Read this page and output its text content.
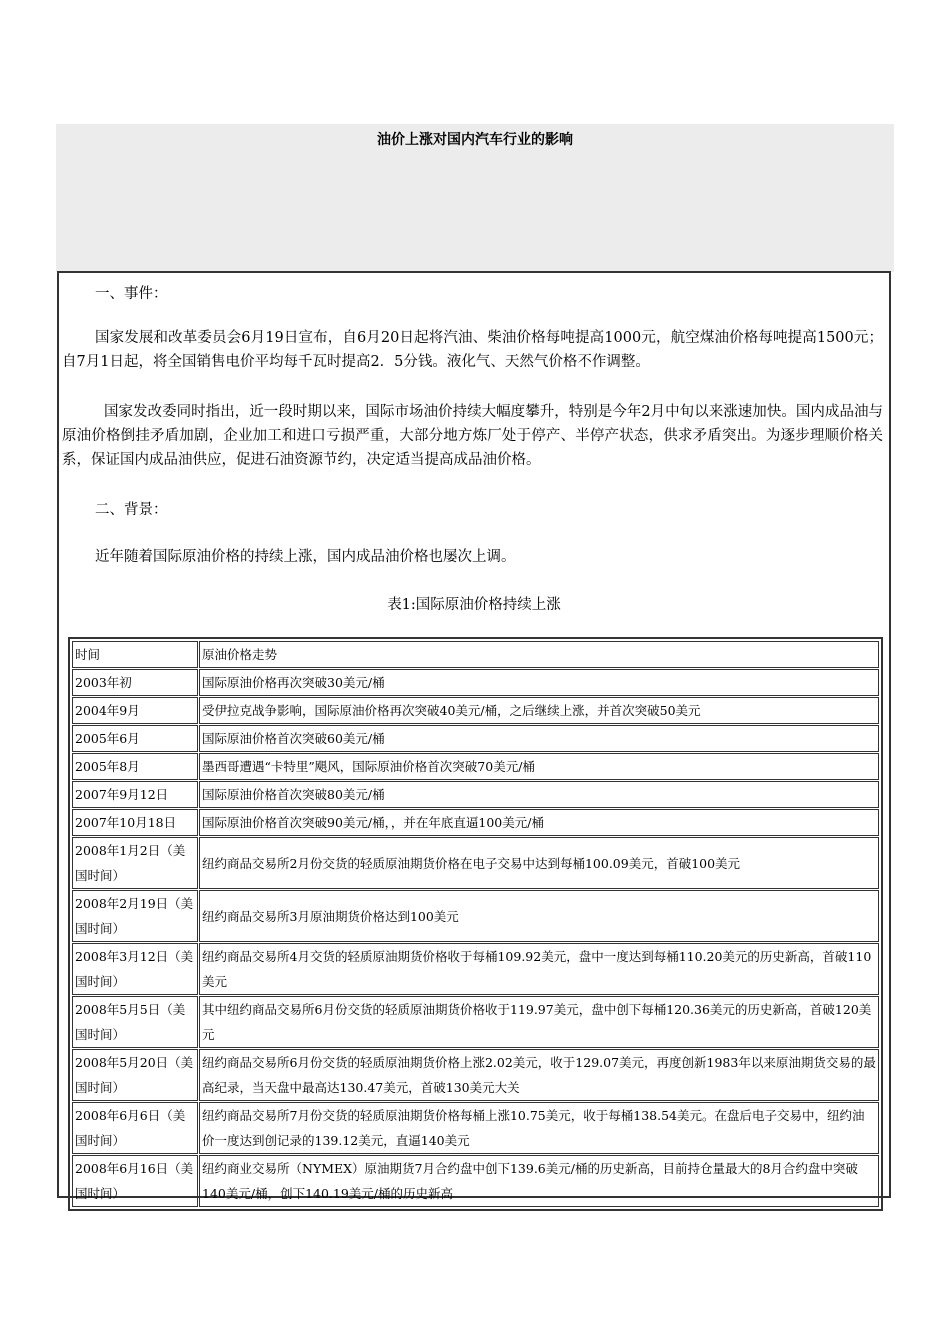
油价上涨对国内汽车行业的影响

一、事件：

国家发展和改革委员会6月19日宣布，自6月20日起将汽油、柴油价格每吨提高1000元，航空煤油价格每吨提高1500元；自7月1日起，将全国销售电价平均每千瓦时提高2．5分钱。液化气、天然气价格不作调整。

国家发改委同时指出，近一段时期以来，国际市场油价持续大幅度攀升，特别是今年2月中旬以来涨速加快。国内成品油与原油价格倒挂矛盾加剧，企业加工和进口亏损严重，大部分地方炼厂处于停产、半停产状态，供求矛盾突出。为逐步理顺价格关系，保证国内成品油供应，促进石油资源节约，决定适当提高成品油价格。

二、背景：

近年随着国际原油价格的持续上涨，国内成品油价格也屡次上调。

表1:国际原油价格持续上涨
时间	原油价格走势
2003年初	国际原油价格再次突破30美元/桶
2004年9月	受伊拉克战争影响，国际原油价格再次突破40美元/桶，之后继续上涨，并首次突破50美元
2005年6月	国际原油价格首次突破60美元/桶
2005年8月	墨西哥遭遇“卡特里”飓风，国际原油价格首次突破70美元/桶
2007年9月12日	国际原油价格首次突破80美元/桶
2007年10月18日	国际原油价格首次突破90美元/桶，，并在年底直逼100美元/桶
2008年1月2日（美国时间）	纽约商品交易所2月份交货的轻质原油期货价格在电子交易中达到每桶100.09美元，首破100美元
2008年2月19日（美国时间）	纽约商品交易所3月原油期货价格达到100美元
2008年3月12日（美国时间）	纽约商品交易所4月交货的轻质原油期货价格收于每桶109.92美元，盘中一度达到每桶110.20美元的历史新高，首破110美元
2008年5月5日（美国时间）	其中纽约商品交易所6月份交货的轻质原油期货价格收于119.97美元，盘中创下每桶120.36美元的历史新高，首破120美元
2008年5月20日（美国时间）	纽约商品交易所6月份交货的轻质原油期货价格上涨2.02美元，收于129.07美元，再度创新1983年以来原油期货交易的最高纪录，当天盘中最高达130.47美元，首破130美元大关
2008年6月6日（美国时间）	纽约商品交易所7月份交货的轻质原油期货价格每桶上涨10.75美元，收于每桶138.54美元。在盘后电子交易中，纽约油价一度达到创记录的139.12美元，直逼140美元
2008年6月16日（美国时间）	纽约商业交易所（NYMEX）原油期货7月合约盘中创下139.6美元/桶的历史新高，目前持仓量最大的8月合约盘中突破140美元/桶，创下140.19美元/桶的历史新高
